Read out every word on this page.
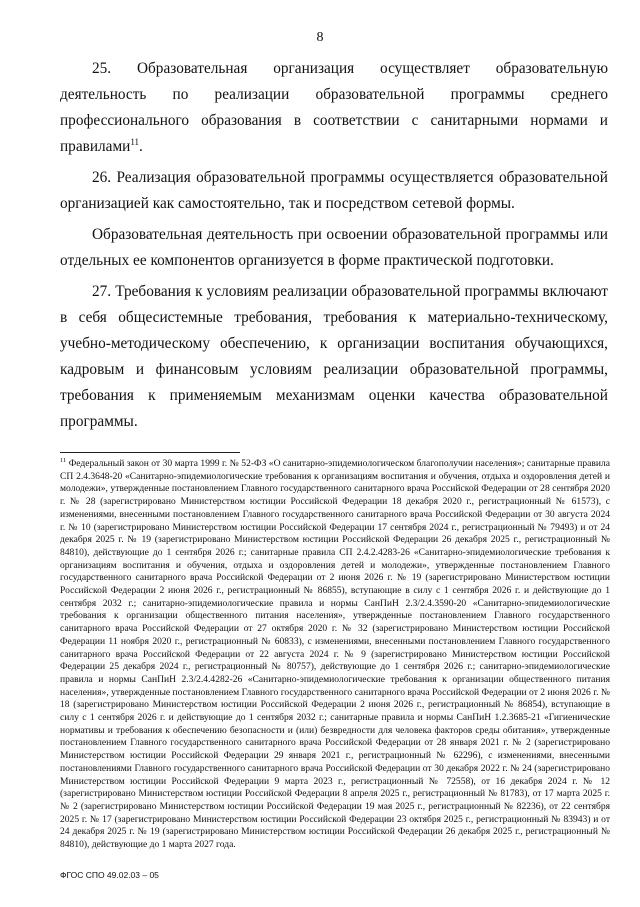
8

25. Образовательная организация осуществляет образовательную деятельность по реализации образовательной программы среднего профессионального образования в соответствии с санитарными нормами и правилами$^{11}$.

26. Реализация образовательной программы осуществляется образовательной организацией как самостоятельно, так и посредством сетевой формы.

Образовательная деятельность при освоении образовательной программы или отдельных ее компонентов организуется в форме практической подготовки.

27. Требования к условиям реализации образовательной программы включают в себя общесистемные требования, требования к материально-техническому, учебно-методическому обеспечению, к организации воспитания обучающихся, кадровым и финансовым условиям реализации образовательной программы, требования к применяемым механизмам оценки качества образовательной программы.

$^{11}$ Федеральный закон от 30 марта 1999 г. № 52-ФЗ «О санитарно-эпидемиологическом благополучии населения»; санитарные правила СП 2.4.3648-20 «Санитарно-эпидемиологические требования к организациям воспитания и обучения, отдыха и оздоровления детей и молодежи», утвержденные постановлением Главного государственного санитарного врача Российской Федерации от 28 сентября 2020 г. № 28 (зарегистрировано Министерством юстиции Российской Федерации 18 декабря 2020 г., регистрационный № 61573), с изменениями, внесенными постановлением Главного государственного санитарного врача Российской Федерации от 30 августа 2024 г. № 10 (зарегистрировано Министерством юстиции Российской Федерации 17 сентября 2024 г., регистрационный № 79493) и от 24 декабря 2025 г. № 19 (зарегистрировано Министерством юстиции Российской Федерации 26 декабря 2025 г., регистрационный № 84810), действующие до 1 сентября 2026 г.; санитарные правила СП 2.4.2.4283-26 «Санитарно-эпидемиологические требования к организациям воспитания и обучения, отдыха и оздоровления детей и молодежи», утвержденные постановлением Главного государственного санитарного врача Российской Федерации от 2 июня 2026 г. № 19 (зарегистрировано Министерством юстиции Российской Федерации 2 июня 2026 г., регистрационный № 86855), вступающие в силу с 1 сентября 2026 г. и действующие до 1 сентября 2032 г.; санитарно-эпидемиологические правила и нормы СанПиН 2.3/2.4.3590-20 «Санитарно-эпидемиологические требования к организации общественного питания населения», утвержденные постановлением Главного государственного санитарного врача Российской Федерации от 27 октября 2020 г. № 32 (зарегистрировано Министерством юстиции Российской Федерации 11 ноября 2020 г., регистрационный № 60833), с изменениями, внесенными постановлением Главного государственного санитарного врача Российской Федерации от 22 августа 2024 г. № 9 (зарегистрировано Министерством юстиции Российской Федерации 25 декабря 2024 г., регистрационный № 80757), действующие до 1 сентября 2026 г.; санитарно-эпидемиологические правила и нормы СанПиН 2.3/2.4.4282-26 «Санитарно-эпидемиологические требования к организации общественного питания населения», утвержденные постановлением Главного государственного санитарного врача Российской Федерации от 2 июня 2026 г. № 18 (зарегистрировано Министерством юстиции Российской Федерации 2 июня 2026 г., регистрационный № 86854), вступающие в силу с 1 сентября 2026 г. и действующие до 1 сентября 2032 г.; санитарные правила и нормы СанПиН 1.2.3685-21 «Гигиенические нормативы и требования к обеспечению безопасности и (или) безвредности для человека факторов среды обитания», утвержденные постановлением Главного государственного санитарного врача Российской Федерации от 28 января 2021 г. № 2 (зарегистрировано Министерством юстиции Российской Федерации 29 января 2021 г., регистрационный № 62296), с изменениями, внесенными постановлениями Главного государственного санитарного врача Российской Федерации от 30 декабря 2022 г. № 24 (зарегистрировано Министерством юстиции Российской Федерации 9 марта 2023 г., регистрационный № 72558), от 16 декабря 2024 г. № 12 (зарегистрировано Министерством юстиции Российской Федерации 8 апреля 2025 г., регистрационный № 81783), от 17 марта 2025 г. № 2 (зарегистрировано Министерством юстиции Российской Федерации 19 мая 2025 г., регистрационный № 82236), от 22 сентября 2025 г. № 17 (зарегистрировано Министерством юстиции Российской Федерации 23 октября 2025 г., регистрационный № 83943) и от 24 декабря 2025 г. № 19 (зарегистрировано Министерством юстиции Российской Федерации 26 декабря 2025 г., регистрационный № 84810), действующие до 1 марта 2027 года.
ФГОС СПО 49.02.03 – 05
